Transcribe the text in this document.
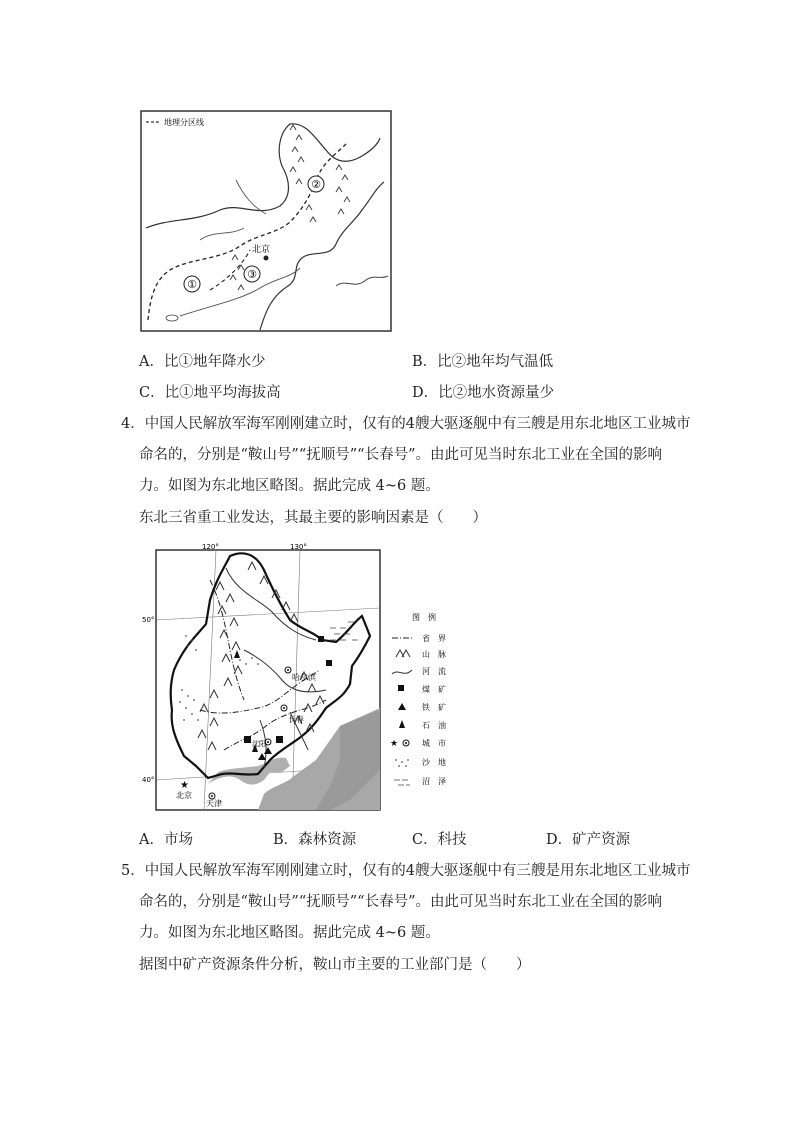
地理分区线
①
②
③
北京
A．比①地年降水少	B．比②地年均气温低
C．比①地平均海拔高	D．比②地水资源量少
4．中国人民解放军海军刚刚建立时，仅有的4艘大驱逐舰中有三艘是用东北地区工业城市
命名的，分别是“鞍山号”“抚顺号”“长春号”。由此可见当时东北工业在全国的影响
力。如图为东北地区略图。据此完成 4~6 题。
东北三省重工业发达，其最主要的影响因素是（　　）
120°	130°
50°
40°
哈尔滨
长春
沈阳
★
北京
天津
图　例
省　界
山　脉
河　流
煤　矿
铁　矿
石　油
★	城　市
沙　地
沼　泽
A．市场	B．森林资源	C．科技	D．矿产资源
5．中国人民解放军海军刚刚建立时，仅有的4艘大驱逐舰中有三艘是用东北地区工业城市
命名的，分别是“鞍山号”“抚顺号”“长春号”。由此可见当时东北工业在全国的影响
力。如图为东北地区略图。据此完成 4~6 题。
据图中矿产资源条件分析，鞍山市主要的工业部门是（　　）
